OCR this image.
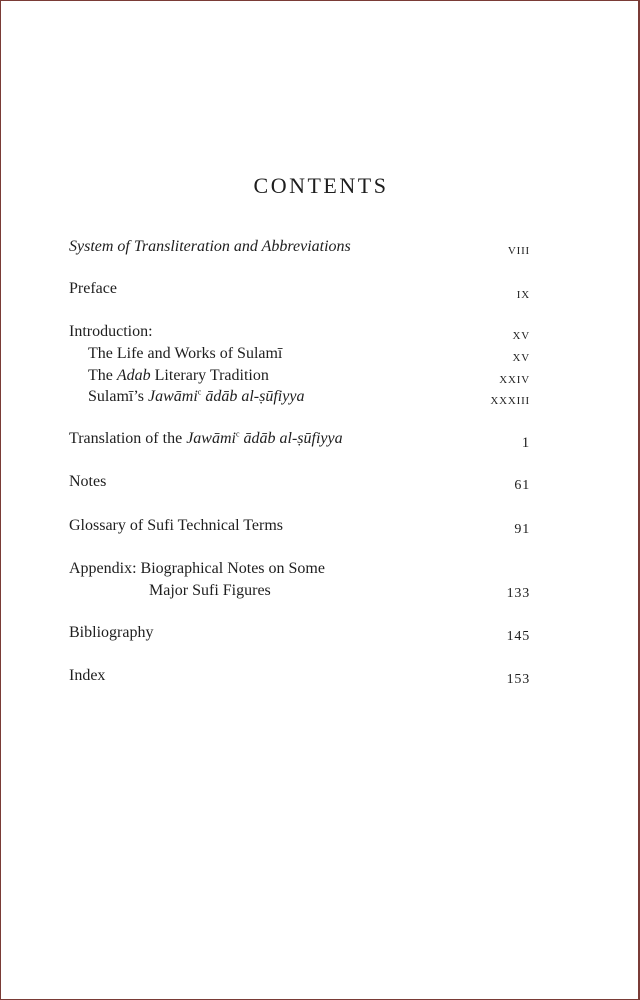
CONTENTS
System of Transliteration and Abbreviations	viii
Preface	ix
Introduction:	xv
The Life and Works of Sulamī	xv
The Adab Literary Tradition	xxiv
Sulamī’s Jawāmi$^c$ ādāb al-ṣūfiyya	xxxiii
Translation of the Jawāmi$^c$ ādāb al-ṣūfiyya	1
Notes	61
Glossary of Sufi Technical Terms	91
Appendix: Biographical Notes on Some
Major Sufi Figures	133
Bibliography	145
Index	153
